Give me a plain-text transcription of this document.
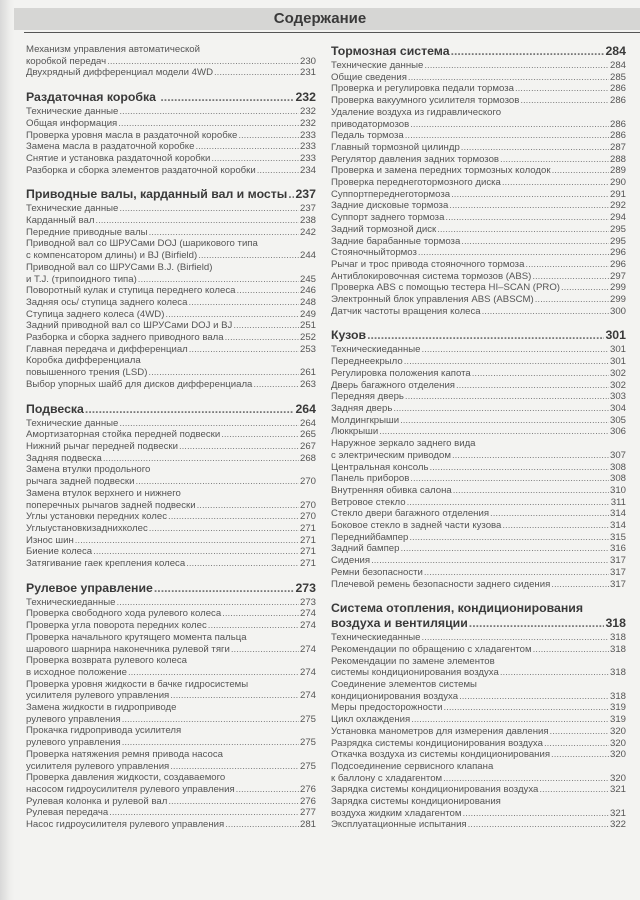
Содержание
Механизм управления автоматической
коробкой передач .....	230
Двухрядный дифференциал модели 4WD .....	231
Раздаточная коробка .....	232
Технические данные .....	232
Общая информация .....	232
Проверка уровня масла в раздаточной коробке .....	233
Замена масла в раздаточной коробке .....	233
Снятие и установка раздаточной коробки .....	233
Разборка и сборка элементов раздаточной коробки .....	234
Приводные валы, карданный вал и мосты ..... 237
Технические данные .....	237
Карданный вал .....	238
Передние приводные валы .....	242
Приводной вал со ШРУСами DOJ (шарикового типа
с компенсатором длины) и BJ (Birfield) .....	244
Приводной вал со ШРУСами B.J. (Birfield)
и T.J. (трипоидного типа) .....	245
Поворотный кулак и ступица переднего колеса .....	246
Задняя ось/ ступица заднего колеса .....	248
Ступица заднего колеса (4WD) .....	249
Задний приводной вал со ШРУСами DOJ и BJ .....	251
Разборка и сборка заднего приводного вала .....	252
Главная передача и дифференциал .....	253
Коробка дифференциала
повышенного трения (LSD) .....	261
Выбор упорных шайб для дисков дифференциала .....	263
Подвеска .....	264
Технические данные .....	264
Амортизаторная стойка передней подвески .....	265
Нижний рычаг передней подвески .....	267
Задняя подвеска .....	268
Замена втулки продольного
рычага задней подвески .....	270
Замена втулок верхнего и нижнего
поперечных рычагов задней подвески .....	270
Углы установки передних колес .....	270
Углыустановкизаднихколес .....	271
Износ шин .....	271
Биение колеса .....	271
Затягивание гаек крепления колеса .....	271
Рулевое управление .....	273
Техническиеданные .....	273
Проверка свободного хода рулевого колеса .....	274
Проверка угла поворота передних колес .....	274
Проверка начального крутящего момента пальца
шарового шарнира наконечника рулевой тяги .....	274
Проверка возврата рулевого колеса
в исходное положение .....	274
Проверка уровня жидкости в бачке гидросистемы
усилителя рулевого управления .....	274
Замена жидкости в гидроприводе
рулевого управления .....	275
Прокачка гидропривода усилителя
рулевого управления .....	275
Проверка натяжения ремня привода насоса
усилителя рулевого управления .....	275
Проверка давления жидкости, создаваемого
насосом гидроусилителя рулевого управления .....	276
Рулевая колонка и рулевой вал .....	276
Рулевая передача .....	277
Насос гидроусилителя рулевого управления .....	281
Тормозная система .....	284
Технические данные .....	284
Общие сведения .....	285
Проверка и регулировка педали тормоза .....	286
Проверка вакуумного усилителя тормозов .....	286
Удаление воздуха из гидравлического
приводатормозов .....	286
Педаль тормоза .....	286
Главный тормозной цилиндр .....	287
Регулятор давления задних тормозов .....	288
Проверка и замена передних тормозных колодок .....	289
Проверка переднеготормозного диска .....	290
Суппортпереднеготормоза .....	291
Задние дисковые тормоза .....	292
Суппорт заднего тормоза .....	294
Задний тормозной диск .....	295
Задние барабанные тормоза .....	295
Стояночныйтормоз .....	296
Рычаг и трос привода стояночного тормоза .....	296
Антиблокировочная система тормозов (ABS) .....	297
Проверка ABS с помощью тестера HI–SCAN (PRO) .....	299
Электронный блок управления ABS (ABSCM) .....	299
Датчик частоты вращения колеса .....	300
Кузов .....	301
Техническиеданные .....	301
Переднеекрыло .....	301
Регулировка положения капота .....	302
Дверь багажного отделения .....	302
Передняя дверь .....	303
Задняя дверь .....	304
Молдингкрыши .....	305
Люккрыши .....	306
Наружное зеркало заднего вида
с электрическим приводом .....	307
Центральная консоль .....	308
Панель приборов .....	308
Внутренняя обивка салона .....	310
Ветровое стекло .....	311
Стекло двери багажного отделения .....	314
Боковое стекло в задней части кузова .....	314
Переднийбампер .....	315
Задний бампер .....	316
Сидения .....	317
Ремни безопасности .....	317
Плечевой ремень безопасности заднего сидения .....	317
Система отопления, кондиционирования
воздуха и вентиляции .....	318
Техническиеданные .....	318
Рекомендации по обращению с хладагентом .....	318
Рекомендации по замене элементов
системы кондиционирования воздуха .....	318
Соединение элементов системы
кондиционирования воздуха .....	318
Меры предосторожности .....	319
Цикл охлаждения .....	319
Установка манометров для измерения давления .....	320
Разрядка системы кондиционирования воздуха .....	320
Откачка воздуха из системы кондиционирования .....	320
Подсоединение сервисного клапана
к баллону с хладагентом .....	320
Зарядка системы кондиционирования воздуха .....	321
Зарядка системы кондиционирования
воздуха жидким хладагентом .....	321
Эксплуатационные испытания .....	322
